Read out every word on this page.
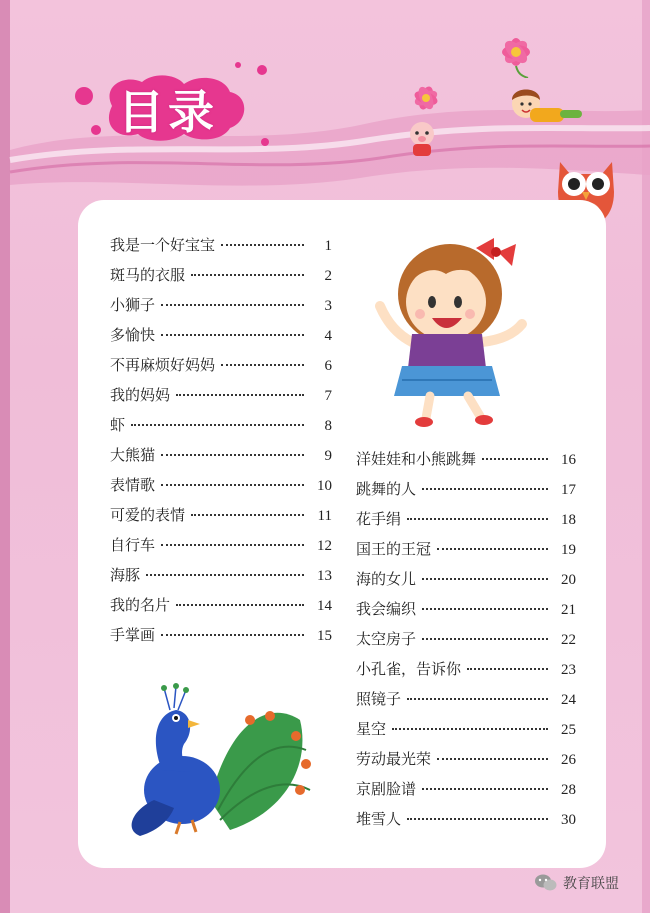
目录
我是一个好宝宝	1
斑马的衣服	2
小狮子	3
多愉快	4
不再麻烦好妈妈	6
我的妈妈	7
虾	8
大熊猫	9
表情歌	10
可爱的表情	11
自行车	12
海豚	13
我的名片	14
手掌画	15
洋娃娃和小熊跳舞	16
跳舞的人	17
花手绢	18
国王的王冠	19
海的女儿	20
我会编织	21
太空房子	22
小孔雀，告诉你	23
照镜子	24
星空	25
劳动最光荣	26
京剧脸谱	28
堆雪人	30
教育联盟
